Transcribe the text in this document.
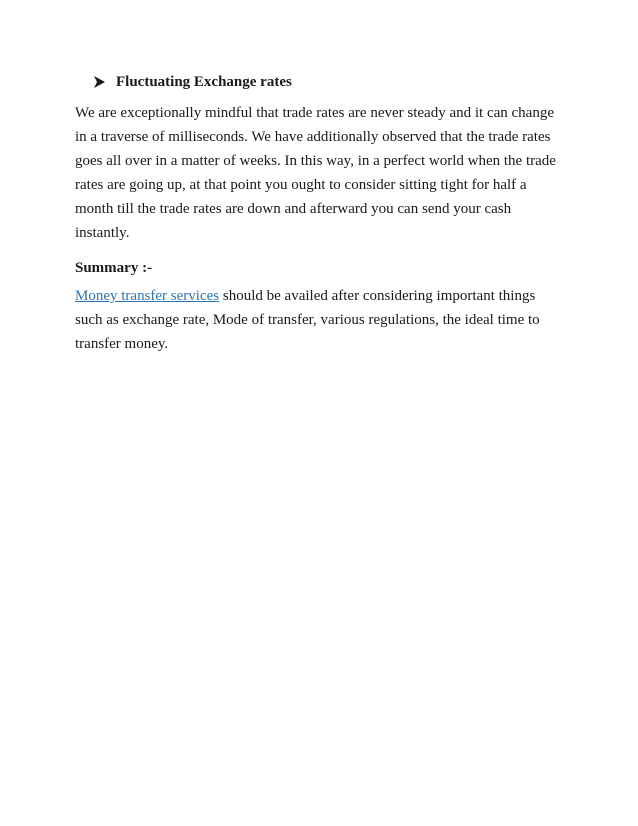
Fluctuating Exchange rates

We are exceptionally mindful that trade rates are never steady and it can change in a traverse of milliseconds. We have additionally observed that the trade rates goes all over in a matter of weeks. In this way, in a perfect world when the trade rates are going up, at that point you ought to consider sitting tight for half a month till the trade rates are down and afterward you can send your cash instantly.

Summary :-

Money transfer services should be availed after considering important things such as exchange rate, Mode of transfer, various regulations, the ideal time to transfer money.
